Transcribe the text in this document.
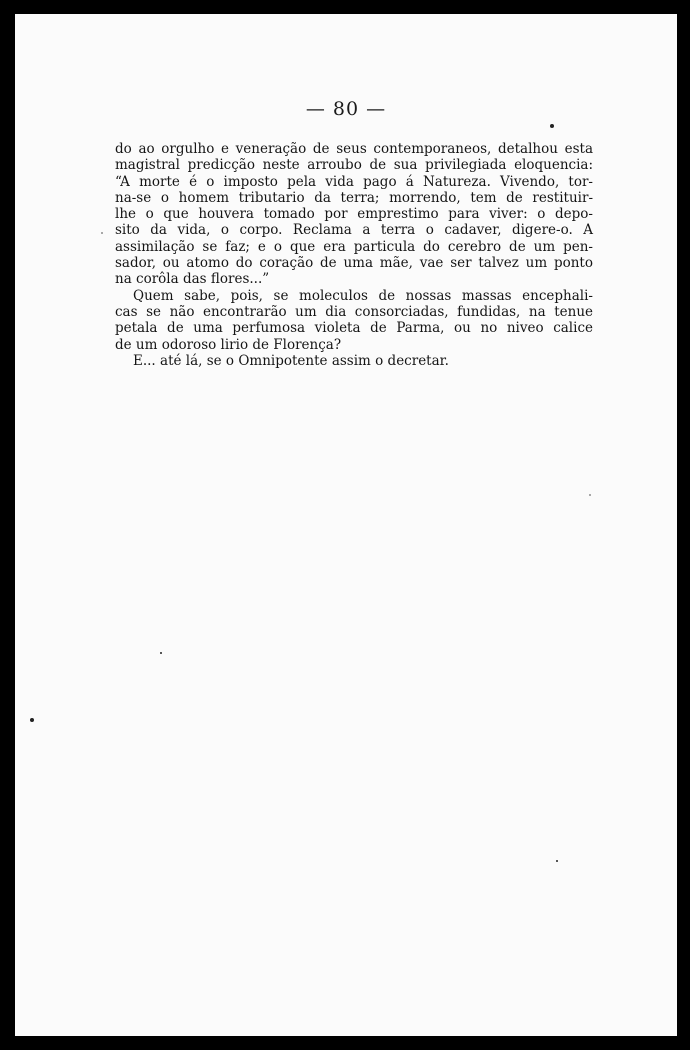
— 80 —
do ao orgulho e veneração de seus contemporaneos, detalhou esta
magistral predicção neste arroubo de sua privilegiada eloquencia:
“A morte é o imposto pela vida pago á Natureza. Vivendo, tor-
na-se o homem tributario da terra; morrendo, tem de restituir-
lhe o que houvera tomado por emprestimo para viver: o depo-
sito da vida, o corpo. Reclama a terra o cadaver, digere-o. A
assimilação se faz; e o que era particula do cerebro de um pen-
sador, ou atomo do coração de uma mãe, vae ser talvez um ponto
na corôla das flores...”
Quem sabe, pois, se moleculos de nossas massas encephali-
cas se não encontrarão um dia consorciadas, fundidas, na tenue
petala de uma perfumosa violeta de Parma, ou no niveo calice
de um odoroso lirio de Florença?
E... até lá, se o Omnipotente assim o decretar.
